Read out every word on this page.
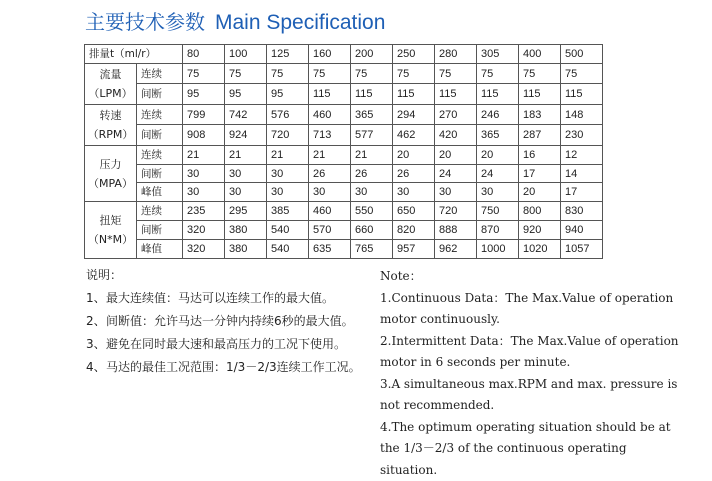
主要技术参数 Main Specification
排量t（ml/r）		80	100	125	160	200	250	280	305	400	500

流量
（LPM）	连续	75	75	75	75	75	75	75	75	75	75
	间断	95	95	95	115	115	115	115	115	115	115

转速
（RPM）	连续	799	742	576	460	365	294	270	246	183	148
	间断	908	924	720	713	577	462	420	365	287	230

压力
（MPA）	连续	21	21	21	21	21	20	20	20	16	12
	间断	30	30	30	26	26	26	24	24	17	14
	峰值	30	30	30	30	30	30	30	30	20	17

扭矩
（N*M）	连续	235	295	385	460	550	650	720	750	800	830
	间断	320	380	540	570	660	820	888	870	920	940
	峰值	320	380	540	635	765	957	962	1000	1020	1057
说明：
1、 最大连续值：马达可以连续工作的最大值。
2、 间断值：允许马达一分钟内持续6秒的最大值。
3、 避免在同时最大速和最高压力的工况下使用。
4、 马达的最佳工况范围：1/3－2/3连续工作工况。

Note：

1.Continuous Data：The Max.Value of operation motor continuously.

2.Intermittent Data：The Max.Value of operation motor in 6 seconds per minute.

3.A simultaneous max.RPM and max. pressure is not recommended.

4.The optimum operating situation should be at the 1/3－2/3 of the continuous operating situation.
